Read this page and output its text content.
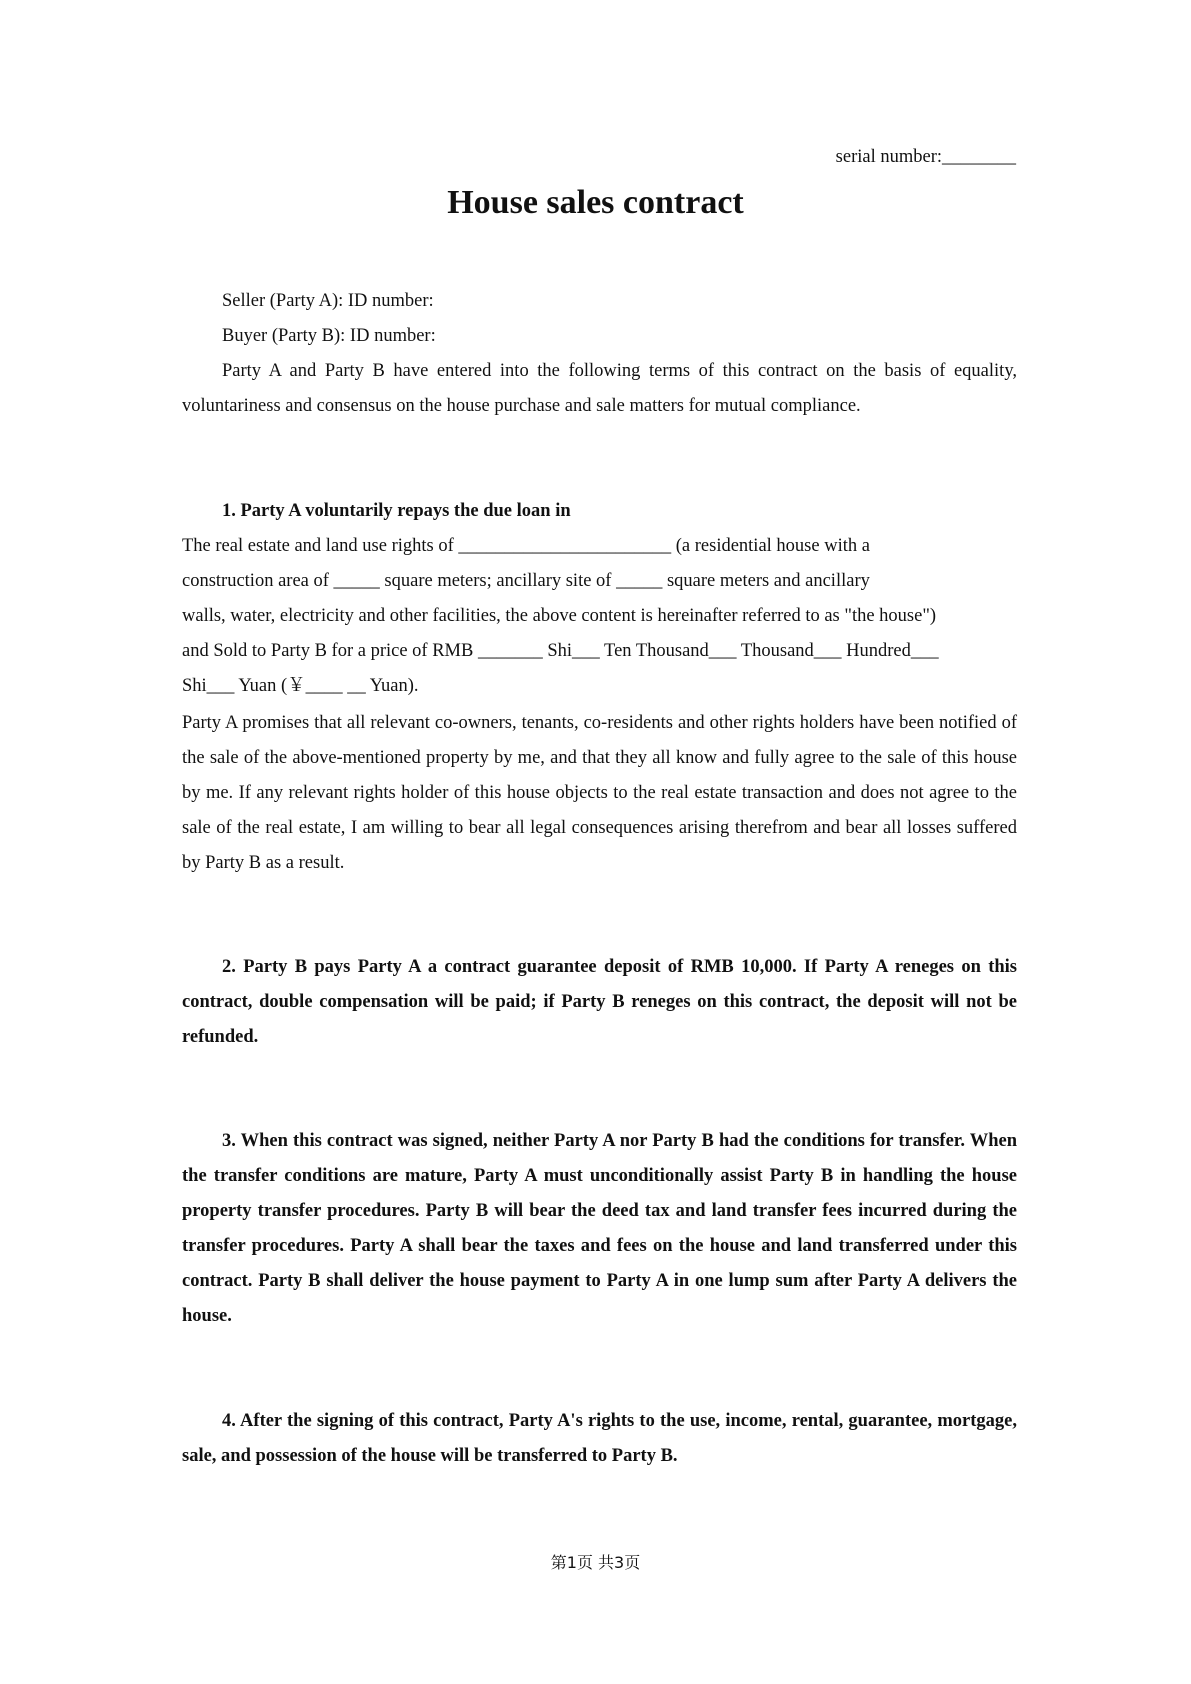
serial number:________
House sales contract

Seller (Party A): ID number:

Buyer (Party B): ID number:

Party A and Party B have entered into the following terms of this contract on the basis of equality, voluntariness and consensus on the house purchase and sale matters for mutual compliance.

1. Party A voluntarily repays the due loan in

The real estate and land use rights of _______________________ (a residential house with a

construction area of _____ square meters; ancillary site of _____ square meters and ancillary

walls, water, electricity and other facilities, the above content is hereinafter referred to as "the house")

and Sold to Party B for a price of RMB _______ Shi___ Ten Thousand___ Thousand___ Hundred___

Shi___ Yuan (￥____ __ Yuan).

Party A promises that all relevant co-owners, tenants, co-residents and other rights holders have been notified of the sale of the above-mentioned property by me, and that they all know and fully agree to the sale of this house by me. If any relevant rights holder of this house objects to the real estate transaction and does not agree to the sale of the real estate, I am willing to bear all legal consequences arising therefrom and bear all losses suffered by Party B as a result.

2. Party B pays Party A a contract guarantee deposit of RMB 10,000. If Party A reneges on this contract, double compensation will be paid; if Party B reneges on this contract, the deposit will not be refunded.

3. When this contract was signed, neither Party A nor Party B had the conditions for transfer. When the transfer conditions are mature, Party A must unconditionally assist Party B in handling the house property transfer procedures. Party B will bear the deed tax and land transfer fees incurred during the transfer procedures. Party A shall bear the taxes and fees on the house and land transferred under this contract. Party B shall deliver the house payment to Party A in one lump sum after Party A delivers the house.

4. After the signing of this contract, Party A's rights to the use, income, rental, guarantee, mortgage, sale, and possession of the house will be transferred to Party B.

第1页 共3页
